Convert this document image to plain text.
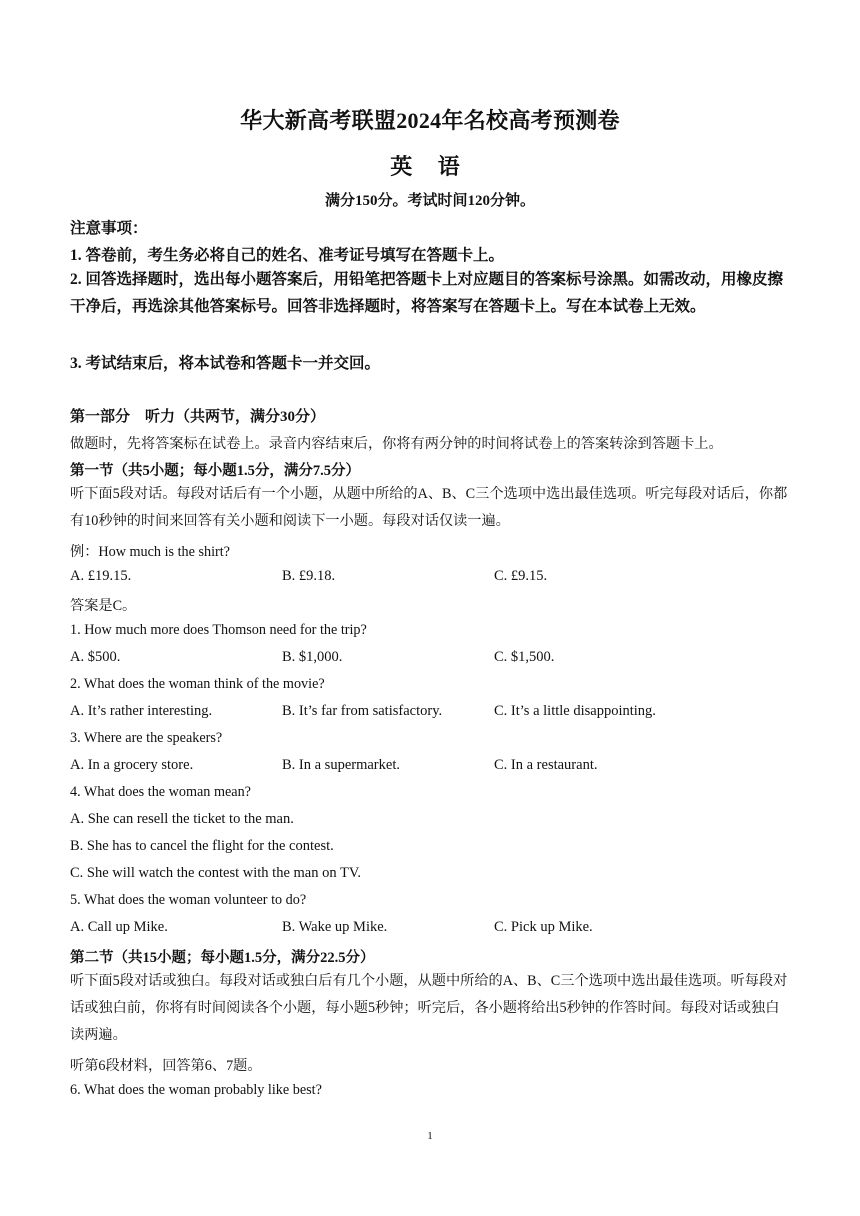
华大新高考联盟2024年名校高考预测卷
英 语
满分150分。考试时间120分钟。
注意事项：
1. 答卷前，考生务必将自己的姓名、准考证号填写在答题卡上。
2. 回答选择题时，选出每小题答案后，用铅笔把答题卡上对应题目的答案标号涂黑。如需改动，用橡皮擦干净后，再选涂其他答案标号。回答非选择题时，将答案写在答题卡上。写在本试卷上无效。
3. 考试结束后，将本试卷和答题卡一并交回。
第一部分　听力（共两节，满分30分）
做题时，先将答案标在试卷上。录音内容结束后，你将有两分钟的时间将试卷上的答案转涂到答题卡上。
第一节（共5小题；每小题1.5分，满分7.5分）
听下面5段对话。每段对话后有一个小题，从题中所给的A、B、C三个选项中选出最佳选项。听完每段对话后，你都有10秒钟的时间来回答有关小题和阅读下一小题。每段对话仅读一遍。
例：How much is the shirt?
A. £19.15.	B. £9.18.	C. £9.15.
答案是C。
1. How much more does Thomson need for the trip?
A. $500.	B. $1,000.	C. $1,500.
2. What does the woman think of the movie?
A. It’s rather interesting.	B. It’s far from satisfactory.	C. It’s a little disappointing.
3. Where are the speakers?
A. In a grocery store.	B. In a supermarket.	C. In a restaurant.
4. What does the woman mean?
A. She can resell the ticket to the man.
B. She has to cancel the flight for the contest.
C. She will watch the contest with the man on TV.
5. What does the woman volunteer to do?
A. Call up Mike.	B. Wake up Mike.	C. Pick up Mike.
第二节（共15小题；每小题1.5分，满分22.5分）
听下面5段对话或独白。每段对话或独白后有几个小题，从题中所给的A、B、C三个选项中选出最佳选项。听每段对话或独白前，你将有时间阅读各个小题，每小题5秒钟；听完后，各小题将给出5秒钟的作答时间。每段对话或独白读两遍。
听第6段材料，回答第6、7题。
6. What does the woman probably like best?
1
